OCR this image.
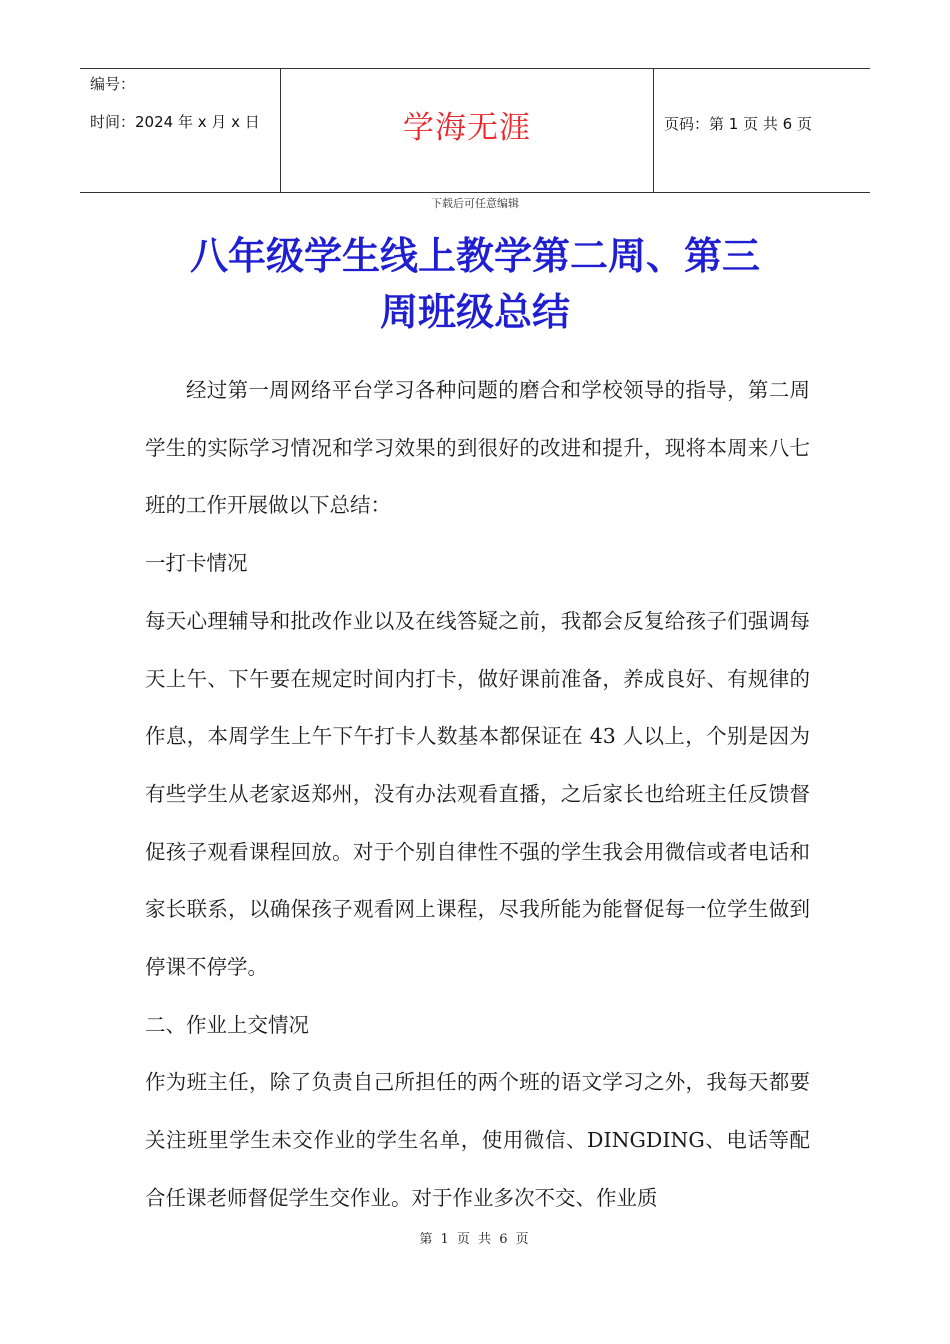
编号：
时间：2024 年 x 月 x 日	学海无涯	页码：第 1 页 共 6 页
下载后可任意编辑
八年级学生线上教学第二周、第三
周班级总结

经过第一周网络平台学习各种问题的磨合和学校领导的指导，第二周学生的实际学习情况和学习效果的到很好的改进和提升，现将本周来八七班的工作开展做以下总结：

一打卡情况

每天心理辅导和批改作业以及在线答疑之前，我都会反复给孩子们强调每天上午、下午要在规定时间内打卡，做好课前准备，养成良好、有规律的作息，本周学生上午下午打卡人数基本都保证在 43 人以上，个别是因为有些学生从老家返郑州，没有办法观看直播，之后家长也给班主任反馈督促孩子观看课程回放。对于个别自律性不强的学生我会用微信或者电话和家长联系，以确保孩子观看网上课程，尽我所能为能督促每一位学生做到停课不停学。

二、作业上交情况

作为班主任，除了负责自己所担任的两个班的语文学习之外，我每天都要关注班里学生未交作业的学生名单，使用微信、DINGDING、电话等配合任课老师督促学生交作业。对于作业多次不交、作业质

第 1 页 共 6 页
